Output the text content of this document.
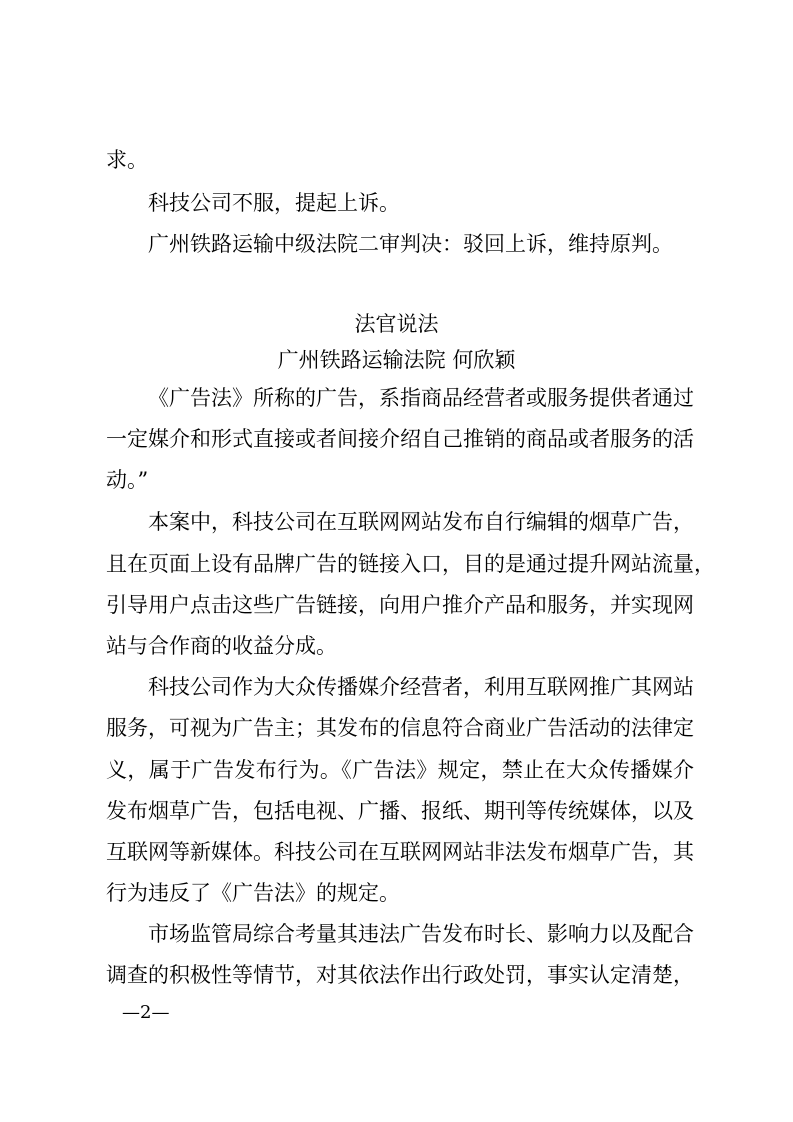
求。

科技公司不服，提起上诉。

广州铁路运输中级法院二审判决：驳回上诉，维持原判。

法官说法

广州铁路运输法院 何欣颖

《广告法》所称的广告，系指商品经营者或服务提供者通过

一定媒介和形式直接或者间接介绍自己推销的商品或者服务的活

动。”

本案中，科技公司在互联网网站发布自行编辑的烟草广告，

且在页面上设有品牌广告的链接入口，目的是通过提升网站流量，

引导用户点击这些广告链接，向用户推介产品和服务，并实现网

站与合作商的收益分成。

科技公司作为大众传播媒介经营者，利用互联网推广其网站

服务，可视为广告主；其发布的信息符合商业广告活动的法律定

义，属于广告发布行为。《广告法》规定，禁止在大众传播媒介

发布烟草广告，包括电视、广播、报纸、期刊等传统媒体，以及

互联网等新媒体。科技公司在互联网网站非法发布烟草广告，其

行为违反了《广告法》的规定。

市场监管局综合考量其违法广告发布时长、影响力以及配合

调查的积极性等情节，对其依法作出行政处罚，事实认定清楚，

—2—
